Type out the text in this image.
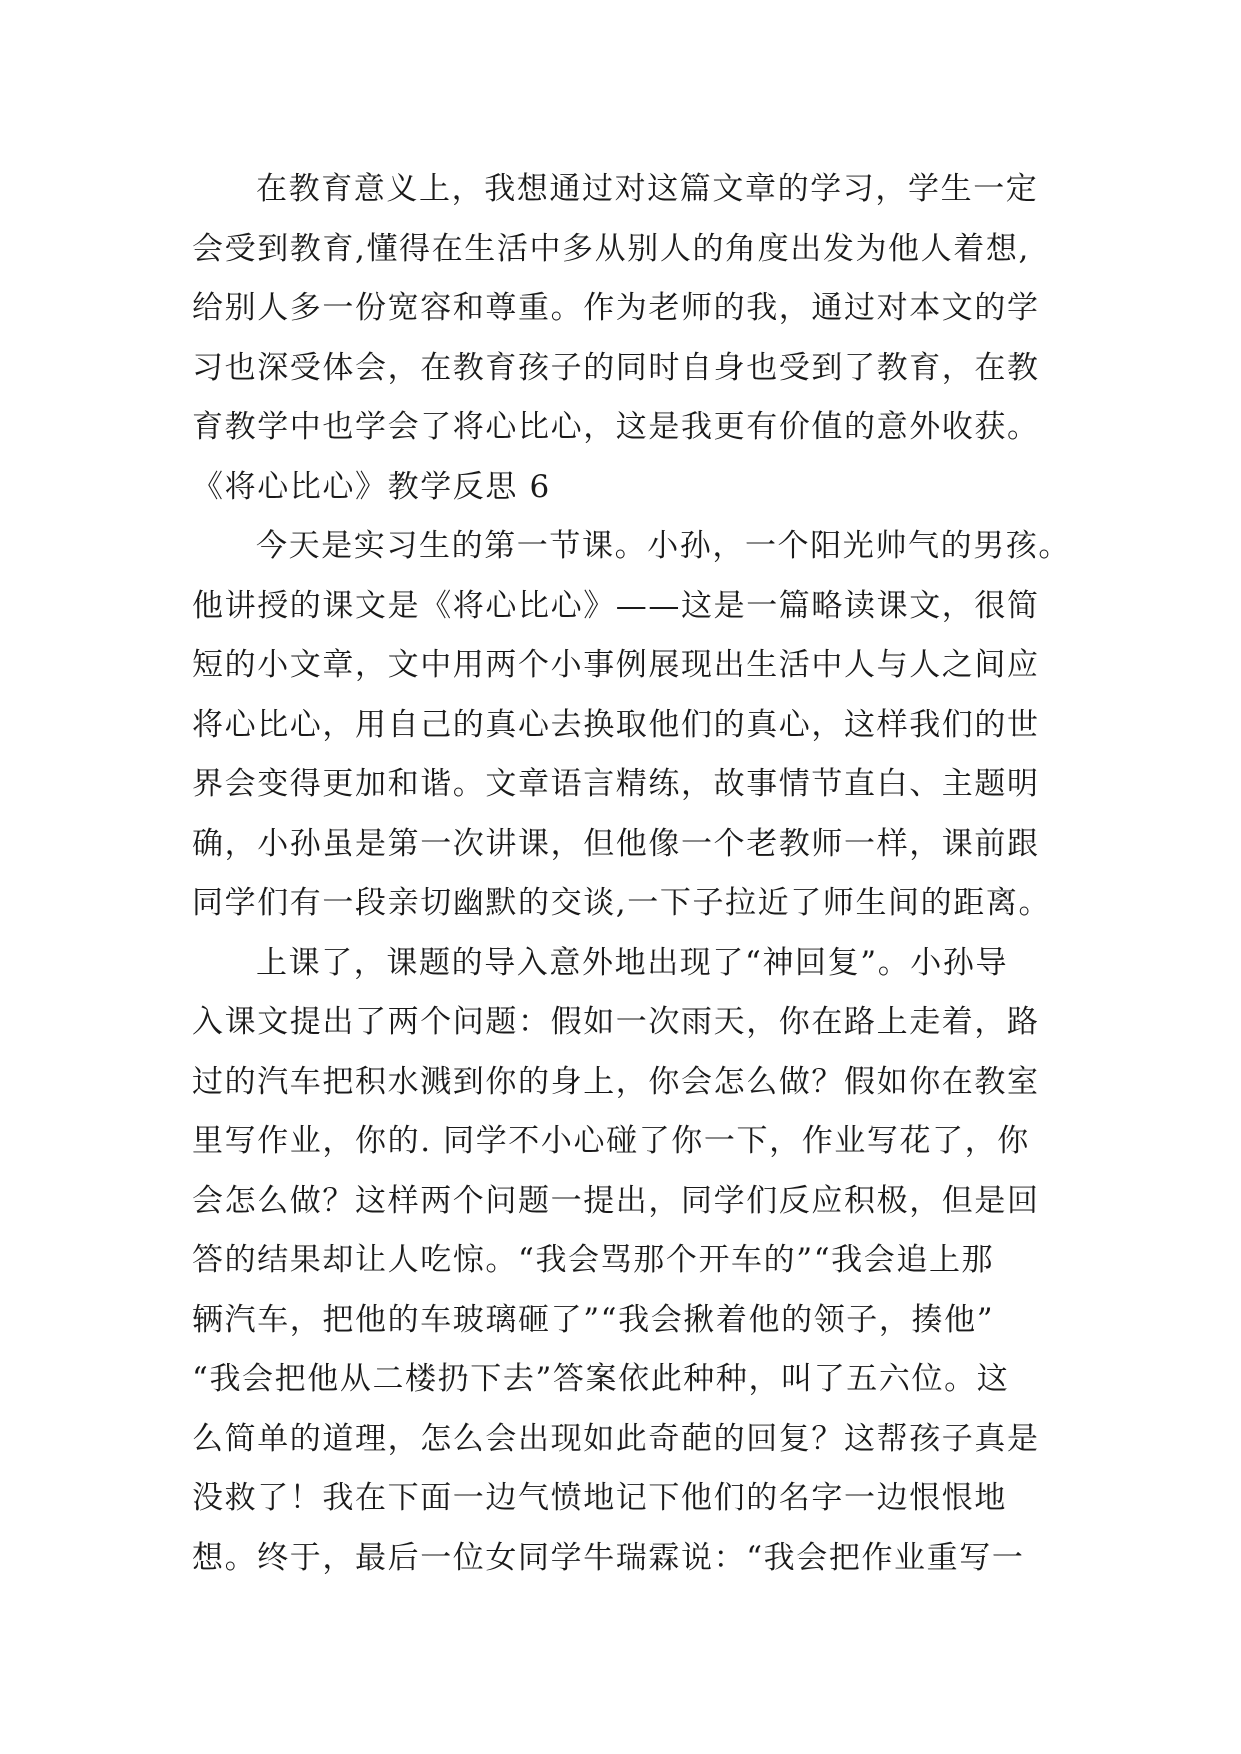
在教育意义上，我想通过对这篇文章的学习，学生一定
会受到教育,懂得在生活中多从别人的角度出发为他人着想,
给别人多一份宽容和尊重。作为老师的我，通过对本文的学
习也深受体会，在教育孩子的同时自身也受到了教育，在教
育教学中也学会了将心比心，这是我更有价值的意外收获。
《将心比心》教学反思 6
今天是实习生的第一节课。小孙，一个阳光帅气的男孩。
他讲授的课文是《将心比心》——这是一篇略读课文，很简
短的小文章，文中用两个小事例展现出生活中人与人之间应
将心比心，用自己的真心去换取他们的真心，这样我们的世
界会变得更加和谐。文章语言精练，故事情节直白、主题明
确，小孙虽是第一次讲课，但他像一个老教师一样，课前跟
同学们有一段亲切幽默的交谈,一下子拉近了师生间的距离。
上课了，课题的导入意外地出现了“神回复”。小孙导
入课文提出了两个问题：假如一次雨天，你在路上走着，路
过的汽车把积水溅到你的身上，你会怎么做？假如你在教室
里写作业，你的. 同学不小心碰了你一下，作业写花了，你
会怎么做？这样两个问题一提出，同学们反应积极，但是回
答的结果却让人吃惊。“我会骂那个开车的”“我会追上那
辆汽车，把他的车玻璃砸了”“我会揪着他的领子，揍他”
“我会把他从二楼扔下去”答案依此种种，叫了五六位。这
么简单的道理，怎么会出现如此奇葩的回复？这帮孩子真是
没救了！我在下面一边气愤地记下他们的名字一边恨恨地
想。终于，最后一位女同学牛瑞霖说：“我会把作业重写一
